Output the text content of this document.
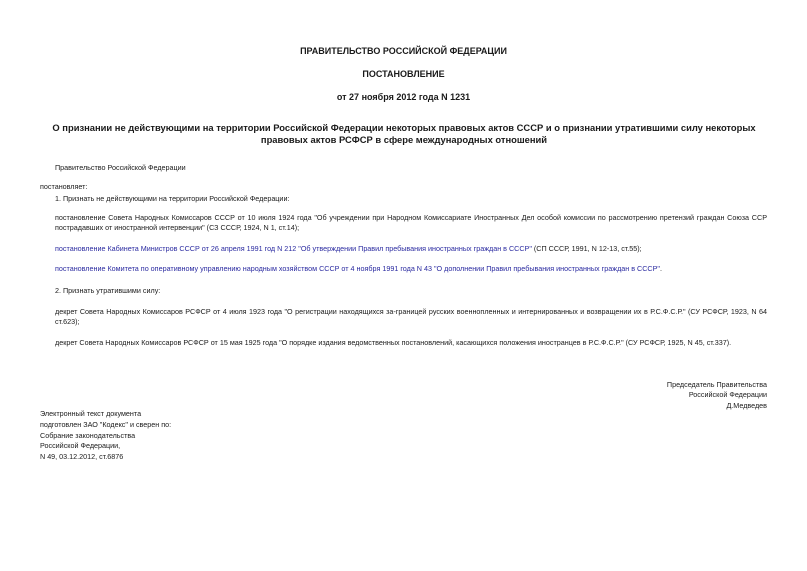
ПРАВИТЕЛЬСТВО РОССИЙСКОЙ ФЕДЕРАЦИИ
ПОСТАНОВЛЕНИЕ
от 27 ноября 2012 года N 1231
О признании не действующими на территории Российской Федерации некоторых правовых актов СССР и о признании утратившими силу некоторых правовых актов РСФСР в сфере международных отношений
Правительство Российской Федерации
постановляет:
1. Признать не действующими на территории Российской Федерации:
постановление Совета Народных Комиссаров СССР от 10 июля 1924 года "Об учреждении при Народном Комиссариате Иностранных Дел особой комиссии по рассмотрению претензий граждан Союза ССР пострадавших от иностранной интервенции" (СЗ СССР, 1924, N 1, ст.14);
постановление Кабинета Министров СССР от 26 апреля 1991 год N 212 "Об утверждении Правил пребывания иностранных граждан в СССР" (СП СССР, 1991, N 12-13, ст.55);
постановление Комитета по оперативному управлению народным хозяйством СССР от 4 ноября 1991 года N 43 "О дополнении Правил пребывания иностранных граждан в СССР".
2. Признать утратившими силу:
декрет Совета Народных Комиссаров РСФСР от 4 июля 1923 года "О регистрации находящихся за-границей русских военнопленных и интернированных и возвращении их в Р.С.Ф.С.Р." (СУ РСФСР, 1923, N 64 ст.623);
декрет Совета Народных Комиссаров РСФСР от 15 мая 1925 года "О порядке издания ведомственных постановлений, касающихся положения иностранцев в Р.С.Ф.С.Р." (СУ РСФСР, 1925, N 45, ст.337).
Председатель Правительства
Российской Федерации
Д.Медведев
Электронный текст документа
подготовлен ЗАО "Кодекс" и сверен по:
Собрание законодательства
Российской Федерации,
N 49, 03.12.2012, ст.6876
